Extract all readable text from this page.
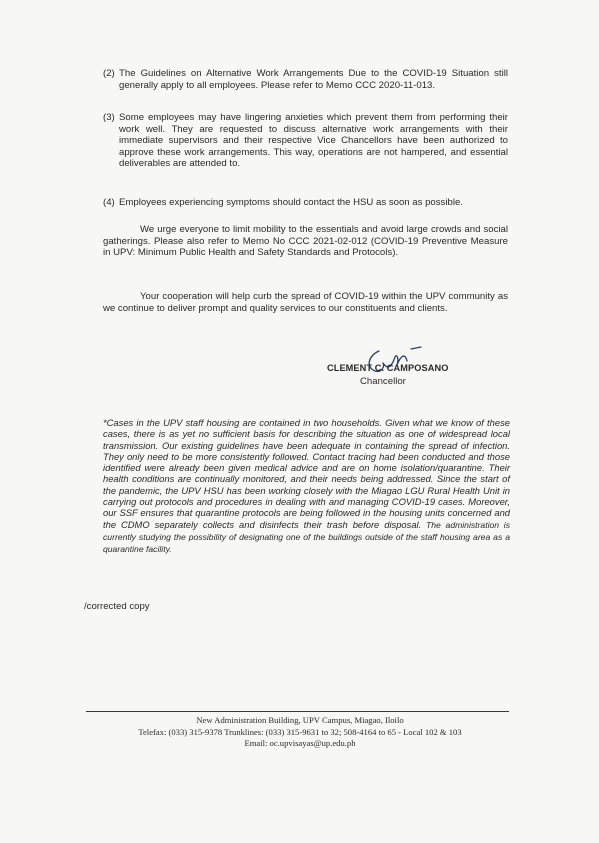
(2) The Guidelines on Alternative Work Arrangements Due to the COVID-19 Situation still generally apply to all employees. Please refer to Memo CCC 2020-11-013.
(3) Some employees may have lingering anxieties which prevent them from performing their work well. They are requested to discuss alternative work arrangements with their immediate supervisors and their respective Vice Chancellors have been authorized to approve these work arrangements. This way, operations are not hampered, and essential deliverables are attended to.
(4) Employees experiencing symptoms should contact the HSU as soon as possible.
We urge everyone to limit mobility to the essentials and avoid large crowds and social gatherings. Please also refer to Memo No CCC 2021-02-012 (COVID-19 Preventive Measure in UPV: Minimum Public Health and Safety Standards and Protocols).
Your cooperation will help curb the spread of COVID-19 within the UPV community as we continue to deliver prompt and quality services to our constituents and clients.
CLEMENT C. CAMPOSANO
Chancellor
*Cases in the UPV staff housing are contained in two households. Given what we know of these cases, there is as yet no sufficient basis for describing the situation as one of widespread local transmission. Our existing guidelines have been adequate in containing the spread of infection. They only need to be more consistently followed. Contact tracing had been conducted and those identified were already been given medical advice and are on home isolation/quarantine. Their health conditions are continually monitored, and their needs being addressed. Since the start of the pandemic, the UPV HSU has been working closely with the Miagao LGU Rural Health Unit in carrying out protocols and procedures in dealing with and managing COVID-19 cases. Moreover, our SSF ensures that quarantine protocols are being followed in the housing units concerned and the CDMO separately collects and disinfects their trash before disposal. The administration is currently studying the possibility of designating one of the buildings outside of the staff housing area as a quarantine facility.
/corrected copy
New Administration Building, UPV Campus, Miagao, Iloilo
Telefax: (033) 315-9378 Trunklines: (033) 315-9631 to 32; 508-4164 to 65 - Local 102 & 103
Email: oc.upvisayas@up.edu.ph
